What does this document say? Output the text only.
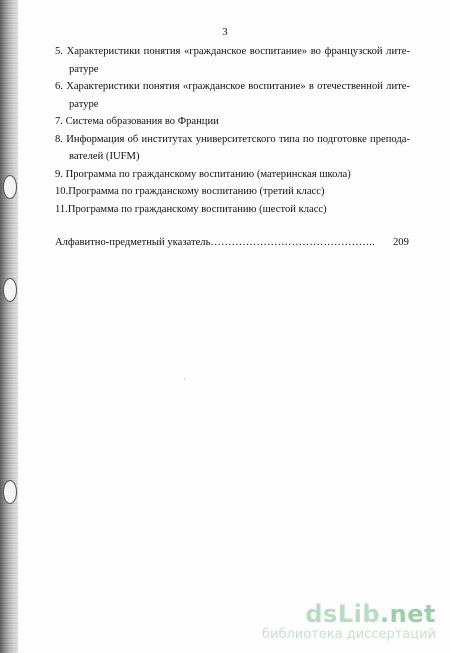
3
5. Характеристики понятия «гражданское воспитание» во французской лите-
ратуре
6. Характеристики понятия «гражданское воспитание» в отечественной лите-
ратуре
7. Система образования во Франции
8. Информация об институтах университетского типа по подготовке препода-
вателей (IUFM)
9. Программа по гражданскому воспитанию (материнская школа)
10.Программа по гражданскому воспитанию (третий класс)
11.Программа по гражданскому воспитанию (шестой класс)
Алфавитно-предметный указатель……………………………………….. 209
˙
dsLib.net
библиотека диссертаций
